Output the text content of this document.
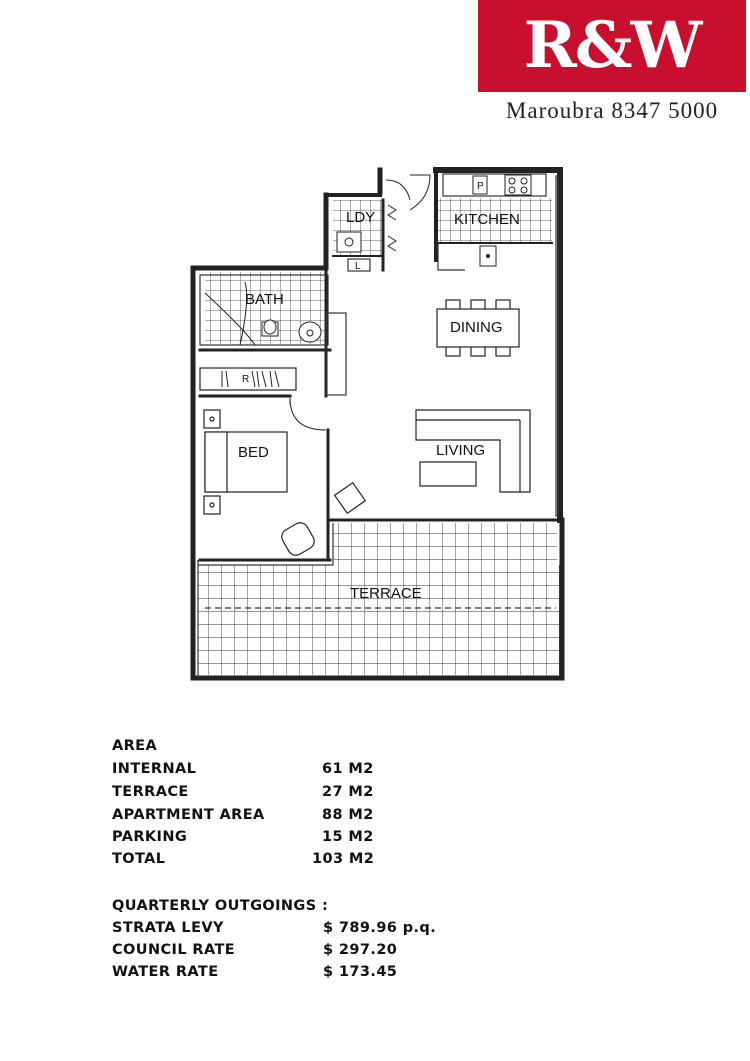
R&W
Maroubra 8347 5000
P
L
R
LDY	KITCHEN
BATH
DINING
LIVING
BED
TERRACE
AREA
INTERNAL	61 M2
TERRACE	27 M2
APARTMENT AREA	88 M2
PARKING	15 M2
TOTAL	103 M2
QUARTERLY OUTGOINGS :
STRATA LEVY	$ 789.96 p.q.
COUNCIL RATE	$ 297.20
WATER RATE	$ 173.45
